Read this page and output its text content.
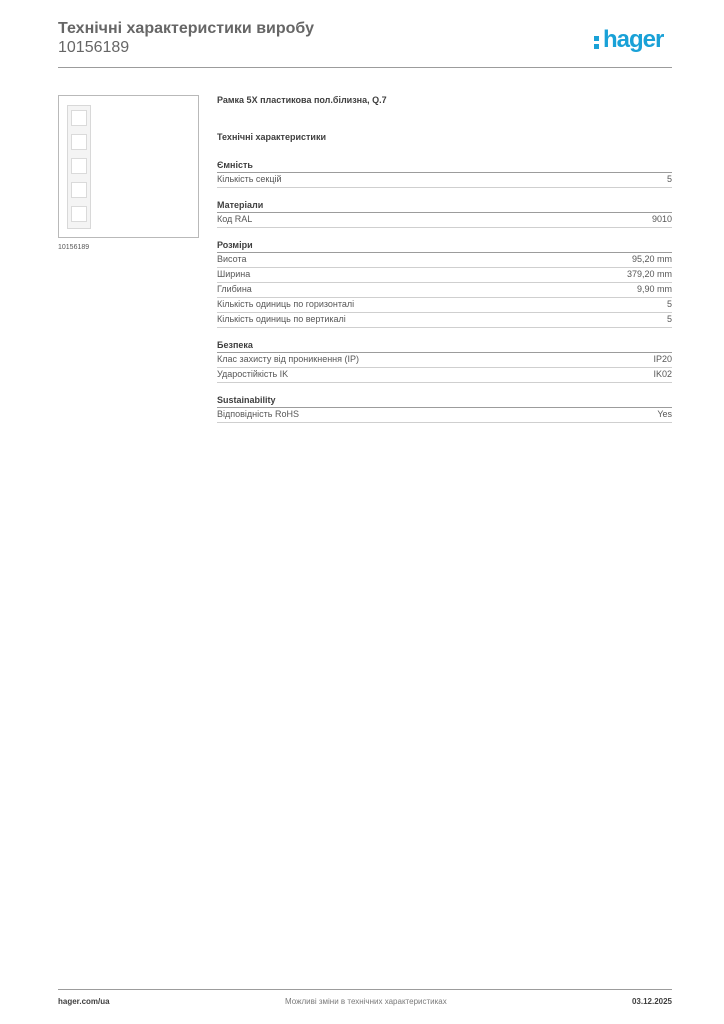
Технічні характеристики виробу
10156189	hager
10156189
Рамка 5X пластикова пол.білизна, Q.7
Технічні характеристики
Ємність
Кількість секцій	5
Матеріали
Код RAL	9010
Розміри
Висота	95,20 mm
Ширина	379,20 mm
Глибина	9,90 mm
Кількість одиниць по горизонталі	5
Кількість одиниць по вертикалі	5
Безпека
Клас захисту від проникнення (IP)	IP20
Ударостійкість IK	IK02
Sustainability
Відповідність RoHS	Yes
hager.com/ua	Можливі зміни в технічних характеристиках	03.12.2025
